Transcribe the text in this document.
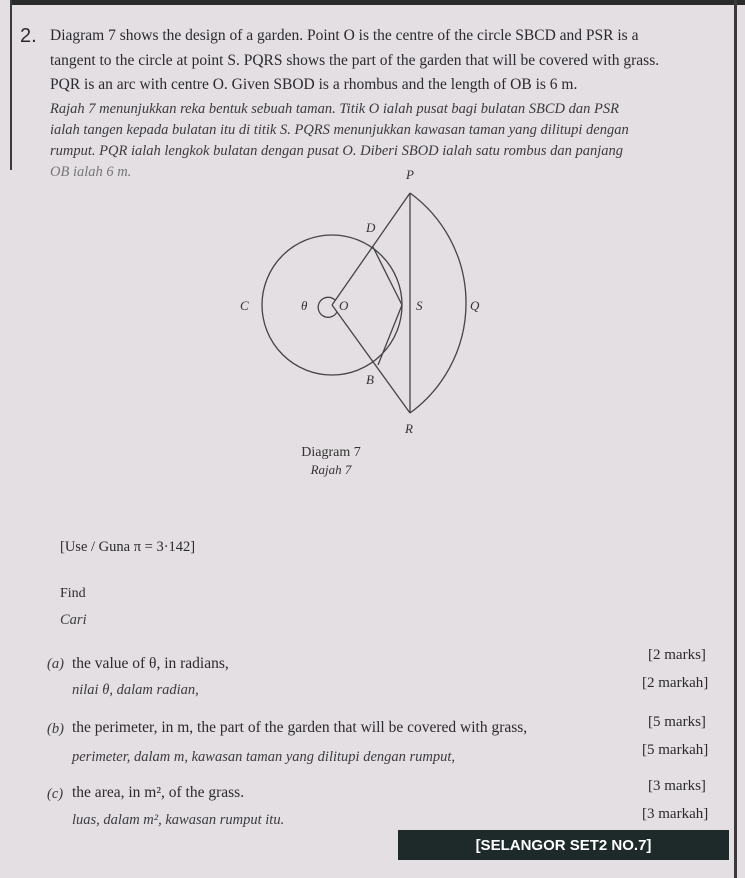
2. Diagram 7 shows the design of a garden. Point O is the centre of the circle SBCD and PSR is a
tangent to the circle at point S. PQRS shows the part of the garden that will be covered with grass.
PQR is an arc with centre O. Given SBOD is a rhombus and the length of OB is 6 m.
Rajah 7 menunjukkan reka bentuk sebuah taman. Titik O ialah pusat bagi bulatan SBCD dan PSR
ialah tangen kepada bulatan itu di titik S. PQRS menunjukkan kawasan taman yang dilitupi dengan
rumput. PQR ialah lengkok bulatan dengan pusat O. Diberi SBOD ialah satu rombus dan panjang
OB ialah 6 m.	P
D
C	θ O	S	Q
B
R
Diagram 7
Rajah 7
[Use / Guna π = 3·142]
Find
Cari
(a) the value of θ, in radians,
nilai θ, dalam radian,
[2 marks]
[2 markah]
(b) the perimeter, in m, the part of the garden that will be covered with grass,
perimeter, dalam m, kawasan taman yang dilitupi dengan rumput,
[5 marks]
[5 markah]
(c) the area, in m², of the grass.
luas, dalam m², kawasan rumput itu.
[3 marks]
[3 markah]
[SELANGOR SET2 NO.7]
